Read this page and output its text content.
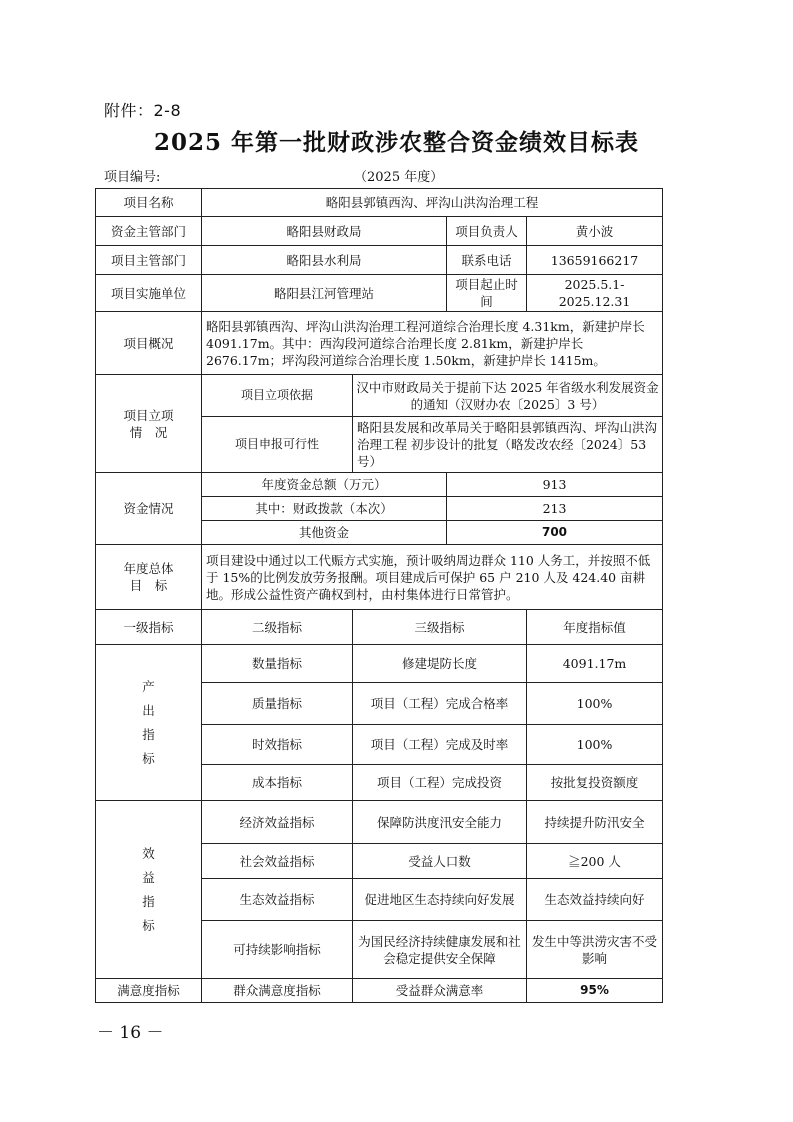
附件：2-8
2025 年第一批财政涉农整合资金绩效目标表
项目编号:	（2025 年度）
项目名称	略阳县郭镇西沟、坪沟山洪沟治理工程			
资金主管部门	略阳县财政局		项目负责人	黄小波
项目主管部门	略阳县水利局		联系电话	13659166217
项目实施单位	略阳县江河管理站		项目起止时间	2025.5.1-2025.12.31
项目概况	略阳县郭镇西沟、坪沟山洪沟治理工程河道综合治理长度 4.31km，新建护岸长 4091.17m。其中：西沟段河道综合治理长度 2.81km，新建护岸长 2676.17m；坪沟段河道综合治理长度 1.50km，新建护岸长 1415m。			

项目立项
情　况	项目立项依据	汉中市财政局关于提前下达 2025 年省级水利发展资金的通知（汉财办农〔2025〕3 号）		
	项目申报可行性	略阳县发展和改革局关于略阳县郭镇西沟、坪沟山洪沟治理工程 初步设计的批复（略发改农经〔2024〕53 号）		
资金情况	年度资金总额（万元）		913	
	其中：财政拨款（本次）		213	
	其他资金		700	

年度总体
目　标	项目建设中通过以工代赈方式实施，预计吸纳周边群众 110 人务工，并按照不低于 15%的比例发放劳务报酬。项目建成后可保护 65 户 210 人及 424.40 亩耕地。形成公益性资产确权到村，由村集体进行日常管护。			
一级指标	二级指标	三级指标		年度指标值
产出指标	数量指标	修建堤防长度		4091.17m
	质量指标	项目（工程）完成合格率		100%
	时效指标	项目（工程）完成及时率		100%
	成本指标	项目（工程）完成投资		按批复投资额度
效益指标	经济效益指标	保障防洪度汛安全能力		持续提升防汛安全
	社会效益指标	受益人口数		≧200 人
	生态效益指标	促进地区生态持续向好发展		生态效益持续向好
	可持续影响指标	为国民经济持续健康发展和社会稳定提供安全保障		发生中等洪涝灾害不受影响
满意度指标	群众满意度指标	受益群众满意率		95%
－ 16 －
